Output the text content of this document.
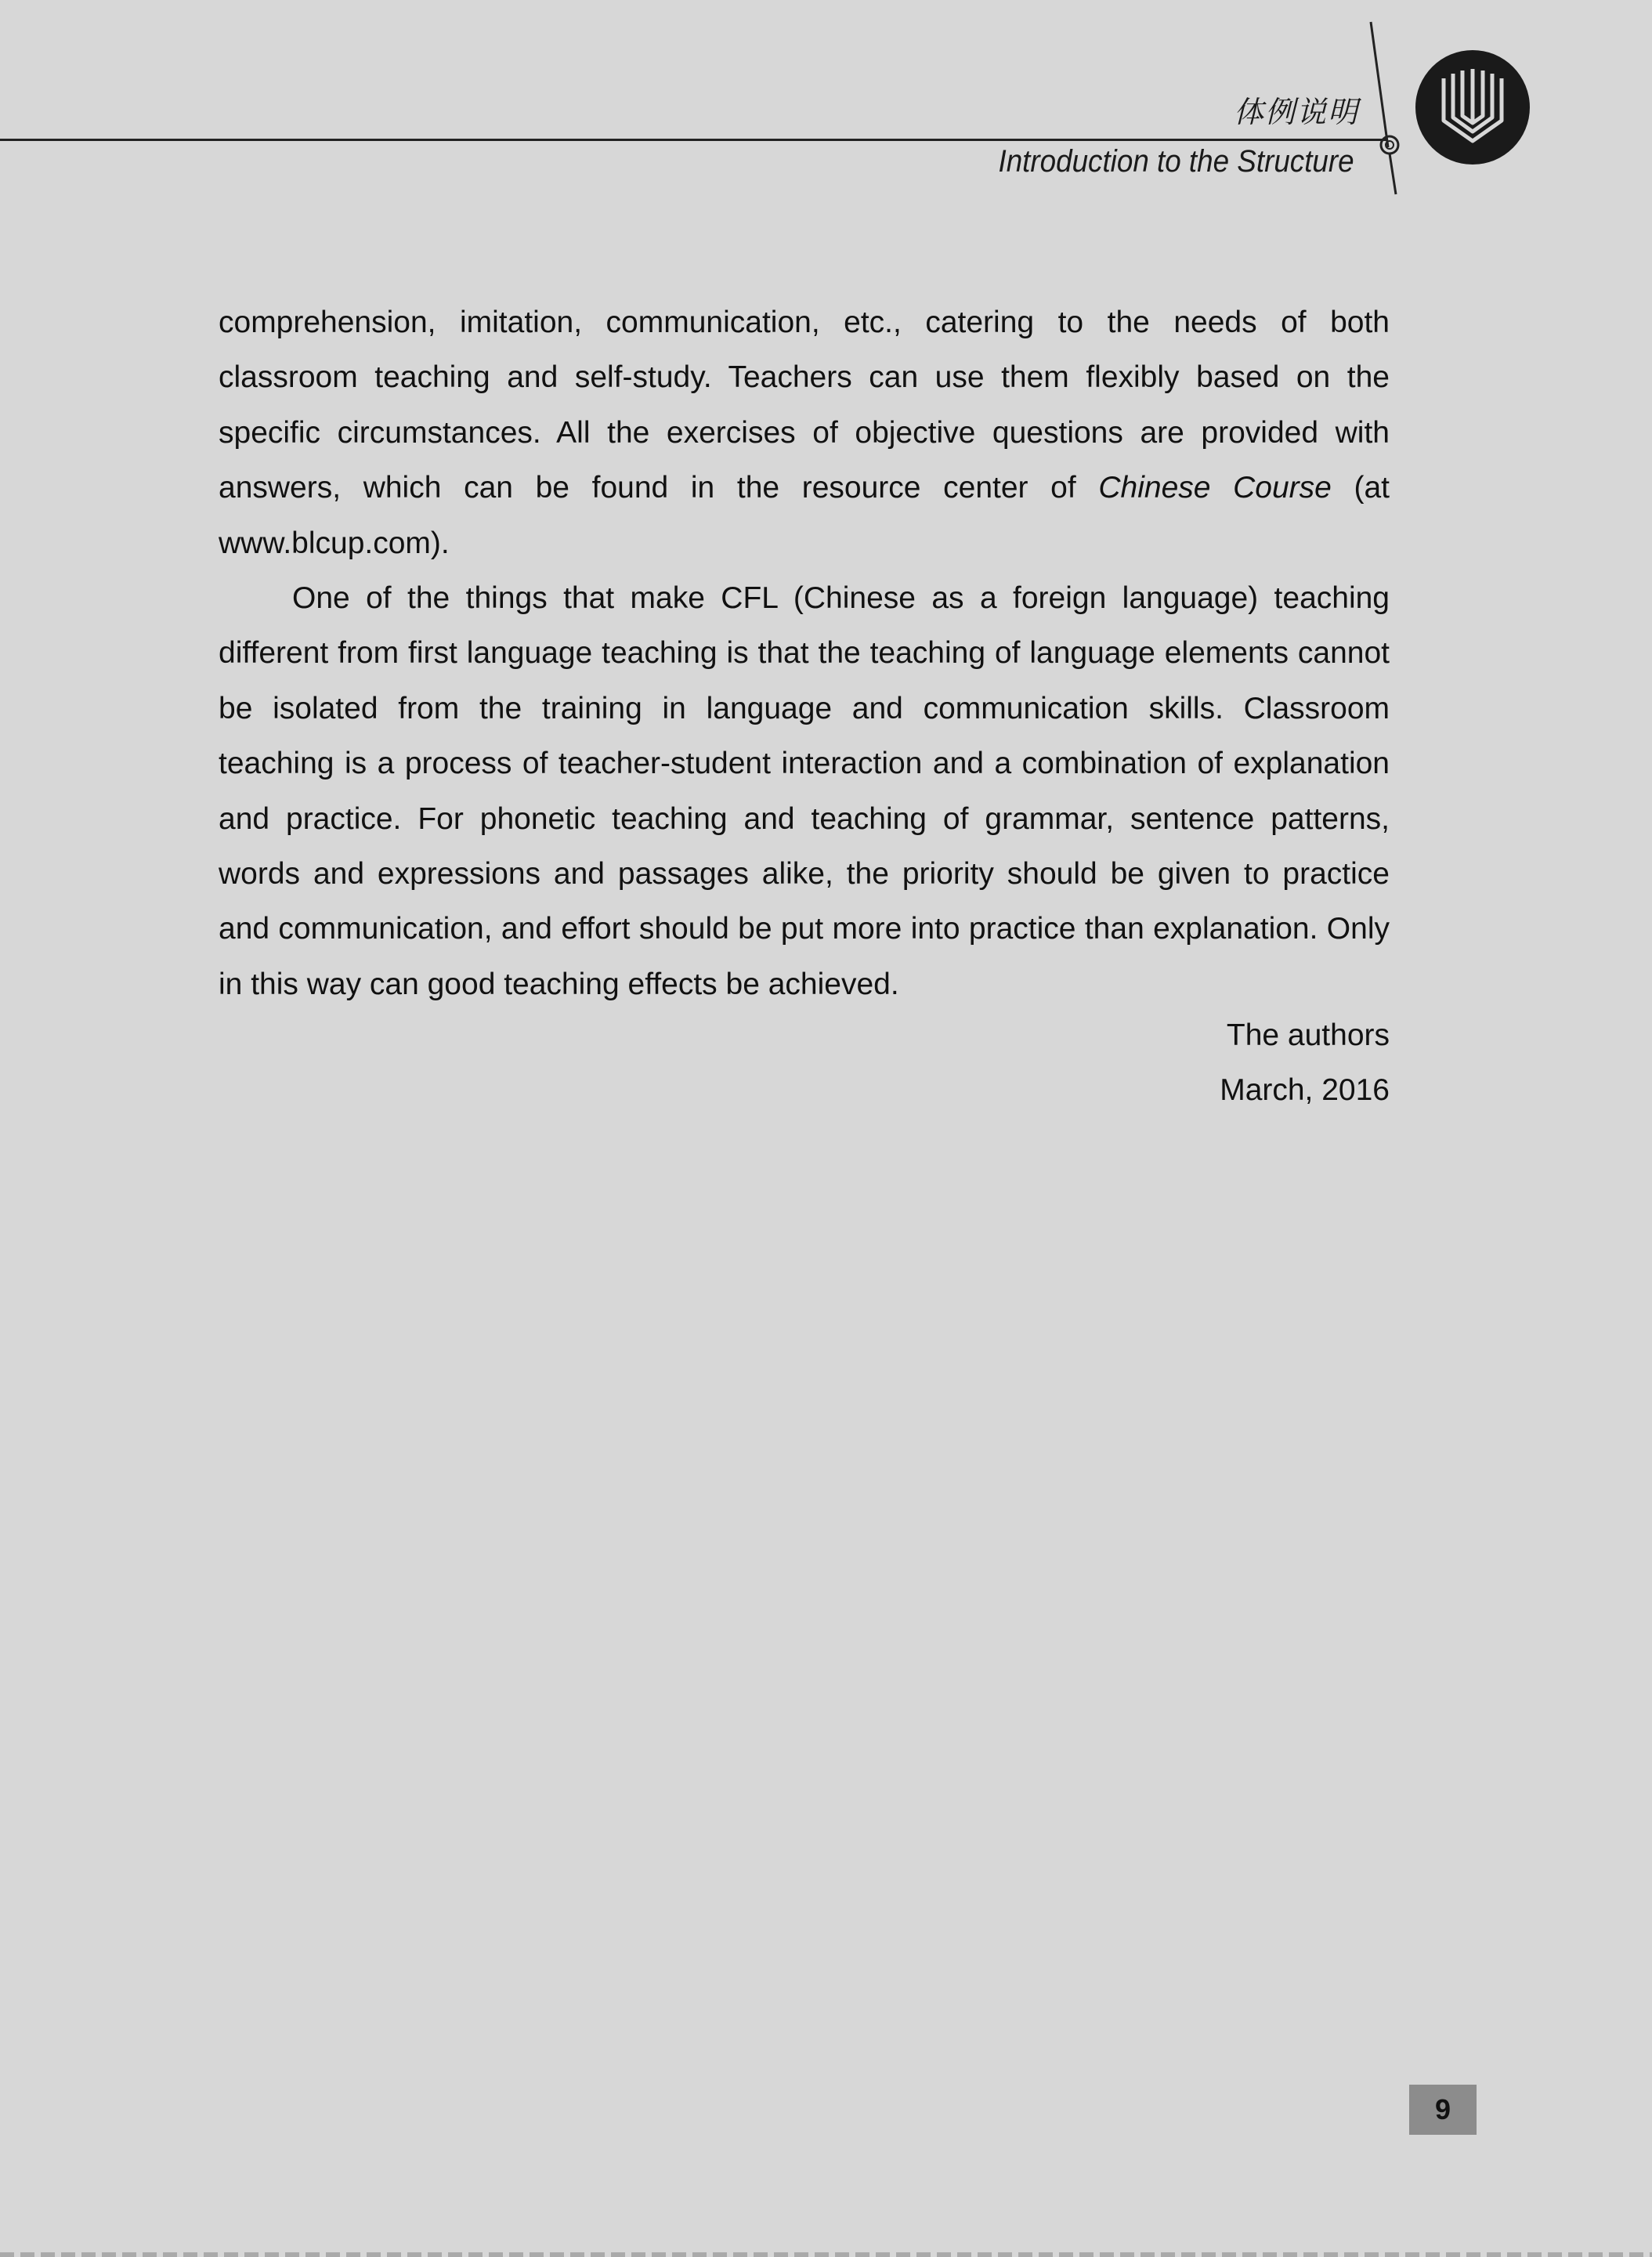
体例说明
Introduction to the Structure

comprehension, imitation, communication, etc., catering to the needs of both classroom teaching and self-study. Teachers can use them flexibly based on the specific circumstances. All the exercises of objective questions are provided with answers, which can be found in the resource center of Chinese Course (at www.blcup.com).

One of the things that make CFL (Chinese as a foreign language) teaching different from first language teaching is that the teaching of language elements cannot be isolated from the training in language and communication skills. Classroom teaching is a process of teacher-student interaction and a combination of explanation and practice. For phonetic teaching and teaching of grammar, sentence patterns, words and expressions and passages alike, the priority should be given to practice and communication, and effort should be put more into practice than explanation. Only in this way can good teaching effects be achieved.

The authors
March, 2016
9
